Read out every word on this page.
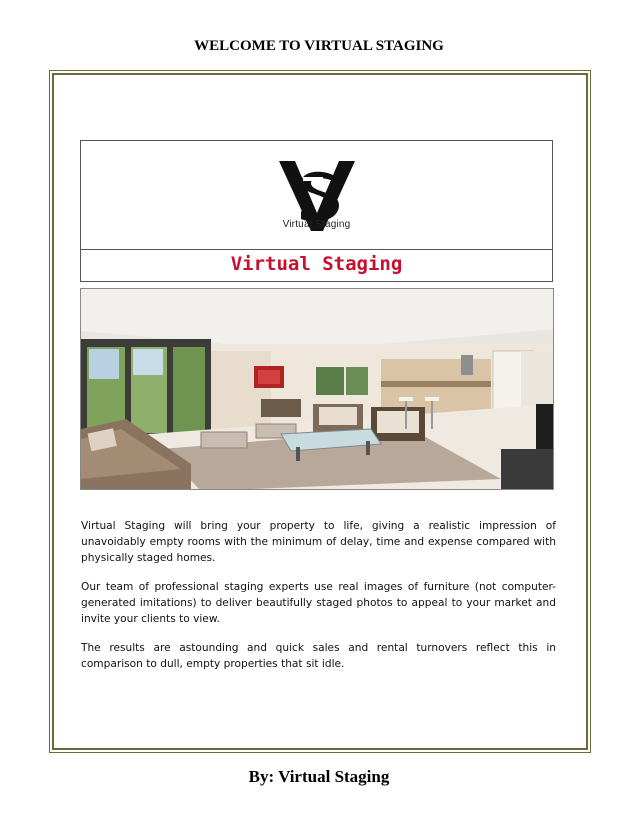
WELCOME TO VIRTUAL STAGING
Virtual Staging
Virtual Staging

Virtual Staging will bring your property to life, giving a realistic impression of unavoidably empty rooms with the minimum of delay, time and expense compared with physically staged homes.

Our team of professional staging experts use real images of furniture (not computer-generated imitations) to deliver beautifully staged photos to appeal to your market and invite your clients to view.

The results are astounding and quick sales and rental turnovers reflect this in comparison to dull, empty properties that sit idle.

By: Virtual Staging
